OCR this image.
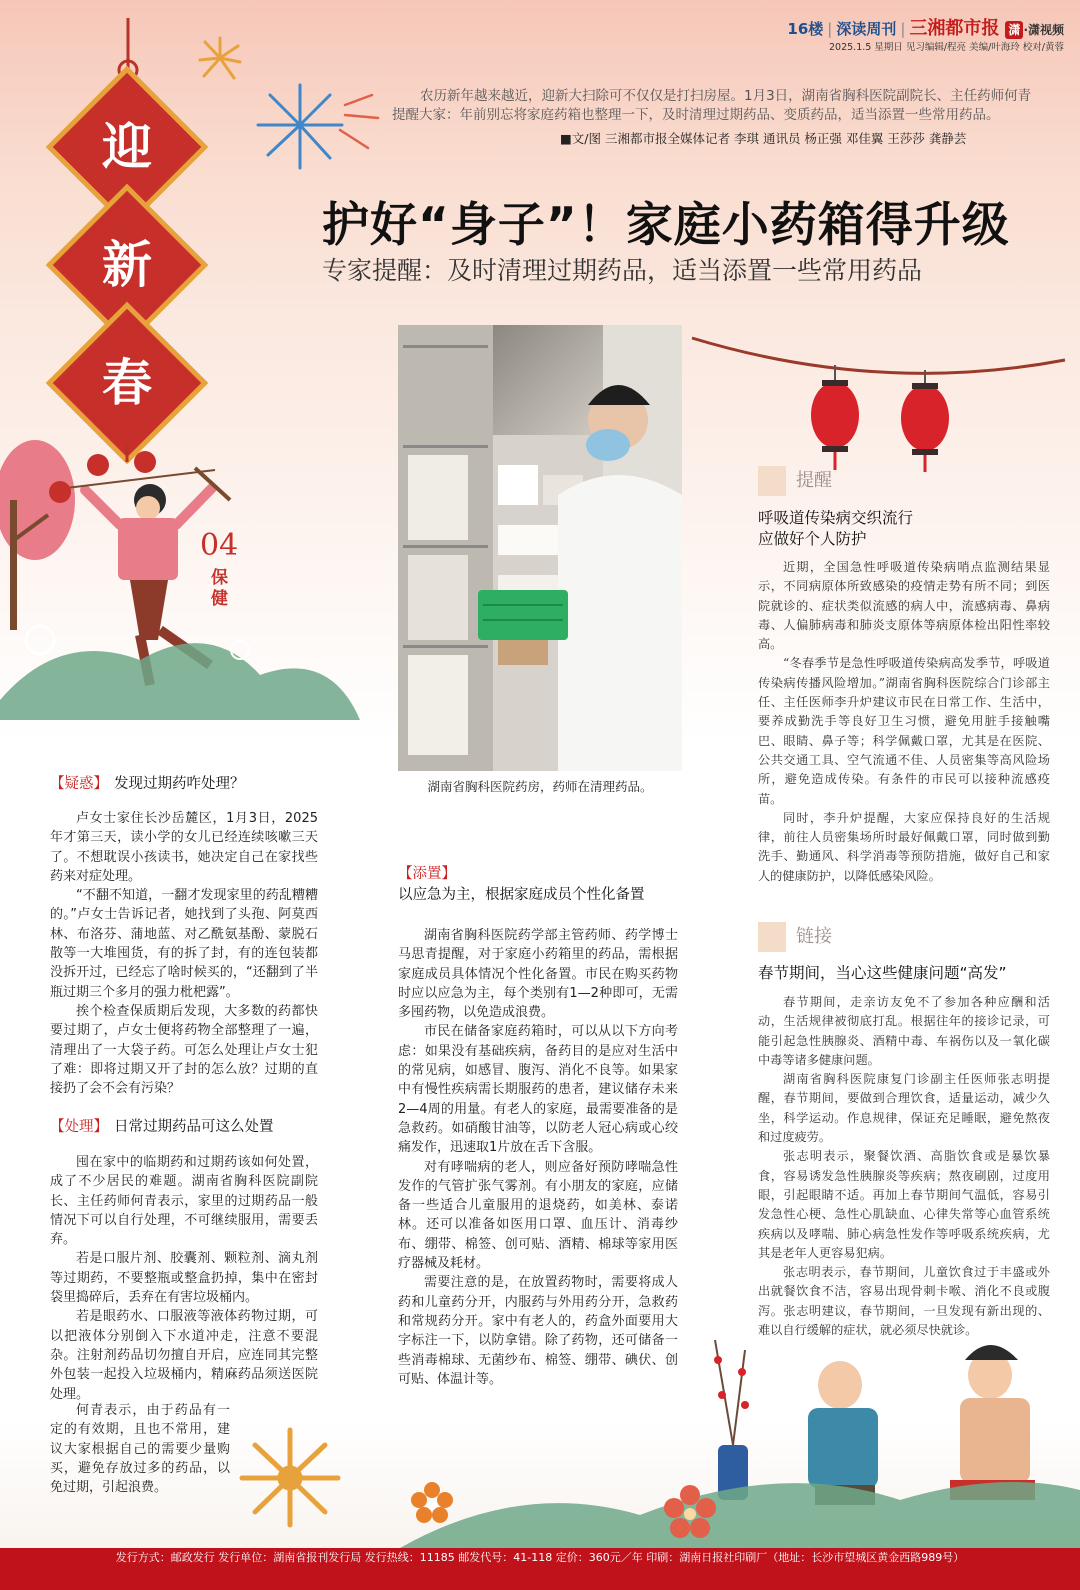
迎
新
春
04
保健
16楼 | 深读周刊 | 三湘都市报 潇 ·潇视频
2025.1.5 星期日 见习编辑/程亮 美编/叶海玲 校对/黄蓉
农历新年越来越近，迎新大扫除可不仅仅是打扫房屋。1月3日，湖南省胸科医院副院长、主任药师何青提醒大家：年前别忘将家庭药箱也整理一下，及时清理过期药品、变质药品，适当添置一些常用药品。
■文/图 三湘都市报全媒体记者 李琪 通讯员 杨正强 邓佳翼 王莎莎 龚静芸
护好“身子”！家庭小药箱得升级
专家提醒：及时清理过期药品，适当添置一些常用药品
湖南省胸科医院药房，药师在清理药品。
【疑惑】 发现过期药咋处理？

卢女士家住长沙岳麓区，1月3日，2025年才第三天，读小学的女儿已经连续咳嗽三天了。不想耽误小孩读书，她决定自己在家找些药来对症处理。

“不翻不知道，一翻才发现家里的药乱糟糟的。”卢女士告诉记者，她找到了头孢、阿莫西林、布洛芬、蒲地蓝、对乙酰氨基酚、蒙脱石散等一大堆囤货，有的拆了封，有的连包装都没拆开过，已经忘了啥时候买的，“还翻到了半瓶过期三个多月的强力枇杷露”。

挨个检查保质期后发现，大多数的药都快要过期了，卢女士便将药物全部整理了一遍，清理出了一大袋子药。可怎么处理让卢女士犯了难：即将过期又开了封的怎么放？过期的直接扔了会不会有污染？

【处理】 日常过期药品可这么处置

囤在家中的临期药和过期药该如何处置，成了不少居民的难题。湖南省胸科医院副院长、主任药师何青表示，家里的过期药品一般情况下可以自行处理，不可继续服用，需要丢弃。

若是口服片剂、胶囊剂、颗粒剂、滴丸剂等过期药，不要整瓶或整盒扔掉，集中在密封袋里捣碎后，丢弃在有害垃圾桶内。

若是眼药水、口服液等液体药物过期，可以把液体分别倒入下水道冲走，注意不要混杂。注射剂药品切勿擅自开启，应连同其完整外包装一起投入垃圾桶内，精麻药品须送医院处理。

何青表示，由于药品有一定的有效期，且也不常用，建议大家根据自己的需要少量购买，避免存放过多的药品，以免过期，引起浪费。

【添置】
以应急为主，根据家庭成员个性化备置

湖南省胸科医院药学部主管药师、药学博士马思青提醒，对于家庭小药箱里的药品，需根据家庭成员具体情况个性化备置。市民在购买药物时应以应急为主，每个类别有1—2种即可，无需多囤药物，以免造成浪费。

市民在储备家庭药箱时，可以从以下方向考虑：如果没有基础疾病，备药目的是应对生活中的常见病，如感冒、腹泻、消化不良等。如果家中有慢性疾病需长期服药的患者，建议储存未来2—4周的用量。有老人的家庭，最需要准备的是急救药。如硝酸甘油等，以防老人冠心病或心绞痛发作，迅速取1片放在舌下含服。

对有哮喘病的老人，则应备好预防哮喘急性发作的气管扩张气雾剂。有小朋友的家庭，应储备一些适合儿童服用的退烧药，如美林、泰诺林。还可以准备如医用口罩、血压计、消毒纱布、绷带、棉签、创可贴、酒精、棉球等家用医疗器械及耗材。

需要注意的是，在放置药物时，需要将成人药和儿童药分开，内服药与外用药分开，急救药和常规药分开。家中有老人的，药盒外面要用大字标注一下，以防拿错。除了药物，还可储备一些消毒棉球、无菌纱布、棉签、绷带、碘伏、创可贴、体温计等。

提醒
呼吸道传染病交织流行
应做好个人防护

近期，全国急性呼吸道传染病哨点监测结果显示，不同病原体所致感染的疫情走势有所不同；到医院就诊的、症状类似流感的病人中，流感病毒、鼻病毒、人偏肺病毒和肺炎支原体等病原体检出阳性率较高。

“冬春季节是急性呼吸道传染病高发季节，呼吸道传染病传播风险增加。”湖南省胸科医院综合门诊部主任、主任医师李升炉建议市民在日常工作、生活中，要养成勤洗手等良好卫生习惯，避免用脏手接触嘴巴、眼睛、鼻子等；科学佩戴口罩，尤其是在医院、公共交通工具、空气流通不佳、人员密集等高风险场所，避免造成传染。有条件的市民可以接种流感疫苗。

同时，李升炉提醒，大家应保持良好的生活规律，前往人员密集场所时最好佩戴口罩，同时做到勤洗手、勤通风、科学消毒等预防措施，做好自己和家人的健康防护，以降低感染风险。

链接
春节期间，当心这些健康问题“高发”

春节期间，走亲访友免不了参加各种应酬和活动，生活规律被彻底打乱。根据往年的接诊记录，可能引起急性胰腺炎、酒精中毒、车祸伤以及一氧化碳中毒等诸多健康问题。

湖南省胸科医院康复门诊副主任医师张志明提醒，春节期间，要做到合理饮食，适量运动，减少久坐，科学运动。作息规律，保证充足睡眠，避免熬夜和过度疲劳。

张志明表示，聚餐饮酒、高脂饮食或是暴饮暴食，容易诱发急性胰腺炎等疾病；熬夜刷剧，过度用眼，引起眼睛不适。再加上春节期间气温低，容易引发急性心梗、急性心肌缺血、心律失常等心血管系统疾病以及哮喘、肺心病急性发作等呼吸系统疾病，尤其是老年人更容易犯病。

张志明表示，春节期间，儿童饮食过于丰盛或外出就餐饮食不洁，容易出现骨刺卡喉、消化不良或腹泻。张志明建议，春节期间，一旦发现有新出现的、难以自行缓解的症状，就必须尽快就诊。

发行方式：邮政发行 发行单位：湖南省报刊发行局 发行热线：11185 邮发代号：41-118 定价：360元／年 印刷：湖南日报社印刷厂（地址：长沙市望城区黄金西路989号）
